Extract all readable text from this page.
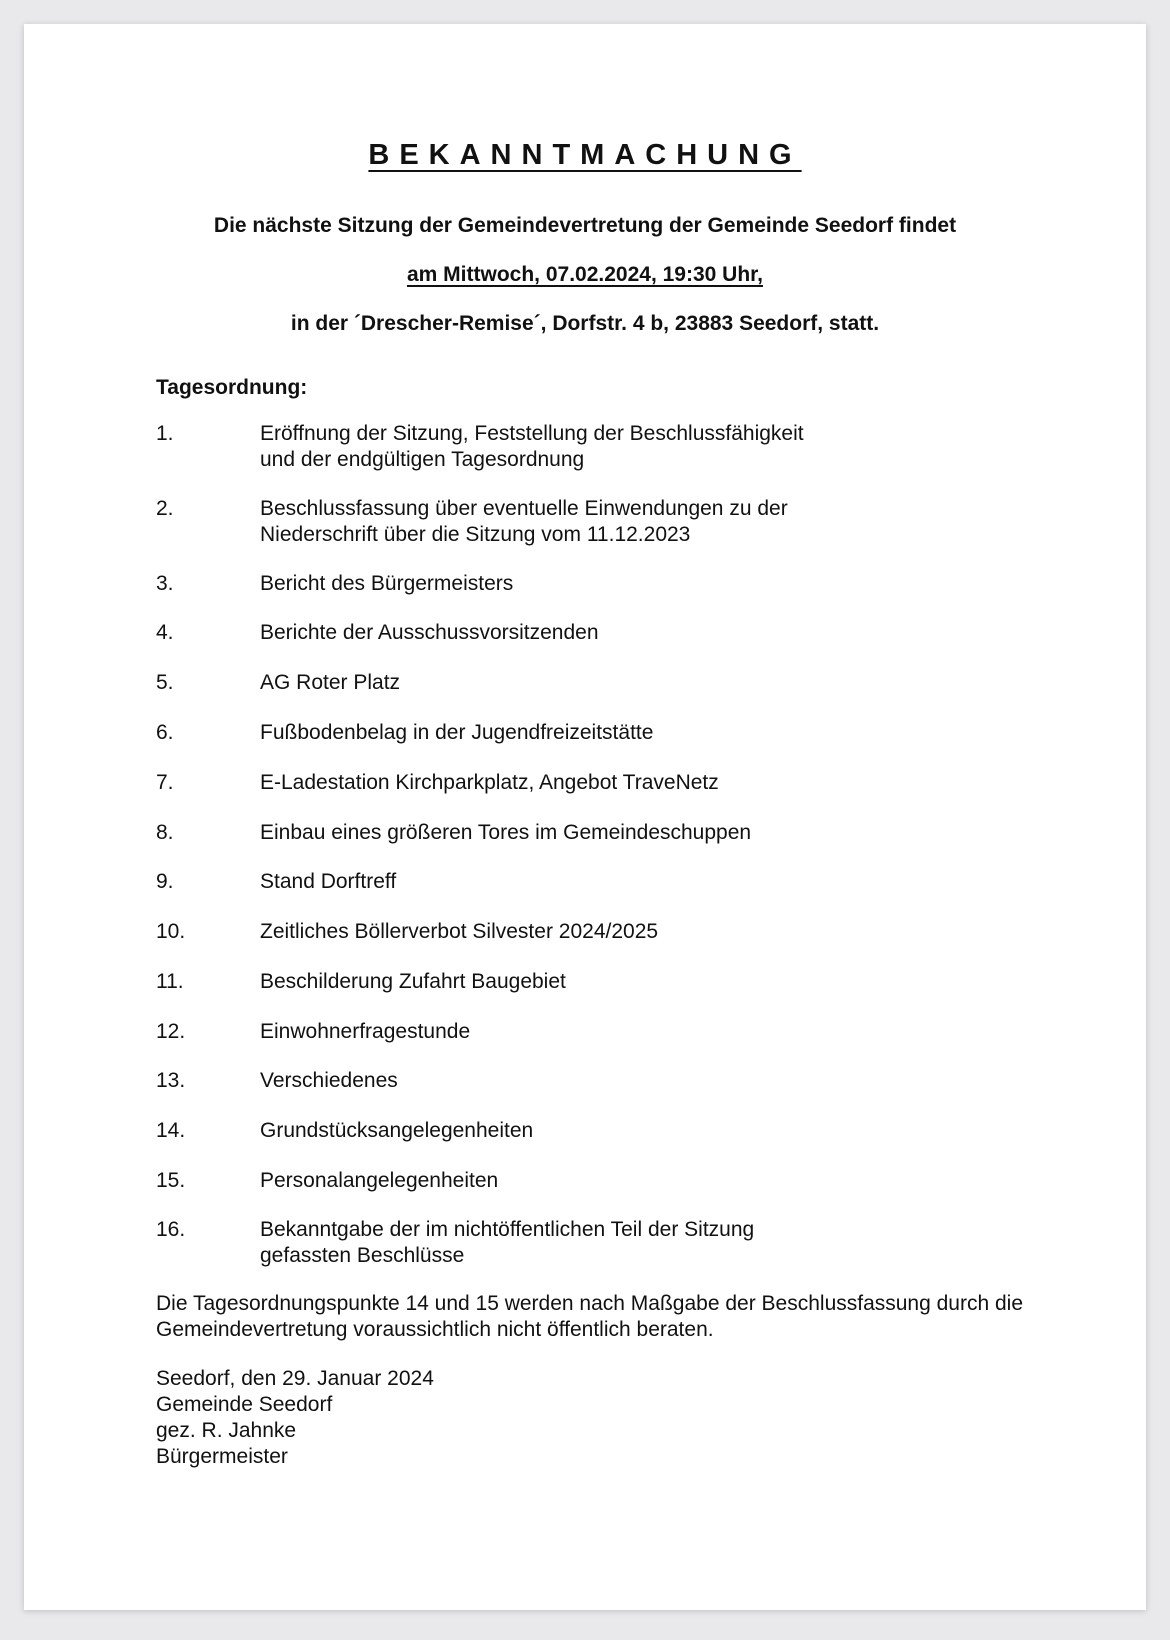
BEKANNTMACHUNG
Die nächste Sitzung der Gemeindevertretung der Gemeinde Seedorf findet
am Mittwoch, 07.02.2024, 19:30 Uhr,
in der ´Drescher-Remise´, Dorfstr. 4 b, 23883 Seedorf, statt.
Tagesordnung:
1.	Eröffnung der Sitzung, Feststellung der Beschlussfähigkeit
und der endgültigen Tagesordnung
2.	Beschlussfassung über eventuelle Einwendungen zu der
Niederschrift über die Sitzung vom 11.12.2023
3.	Bericht des Bürgermeisters
4.	Berichte der Ausschussvorsitzenden
5.	AG Roter Platz
6.	Fußbodenbelag in der Jugendfreizeitstätte
7.	E-Ladestation Kirchparkplatz, Angebot TraveNetz
8.	Einbau eines größeren Tores im Gemeindeschuppen
9.	Stand Dorftreff
10.	Zeitliches Böllerverbot Silvester 2024/2025
11.	Beschilderung Zufahrt Baugebiet
12.	Einwohnerfragestunde
13.	Verschiedenes
14.	Grundstücksangelegenheiten
15.	Personalangelegenheiten
16.	Bekanntgabe der im nichtöffentlichen Teil der Sitzung
gefassten Beschlüsse
Die Tagesordnungspunkte 14 und 15 werden nach Maßgabe der Beschlussfassung durch die Gemeindevertretung voraussichtlich nicht öffentlich beraten.
Seedorf, den 29. Januar 2024
Gemeinde Seedorf
gez. R. Jahnke
Bürgermeister
